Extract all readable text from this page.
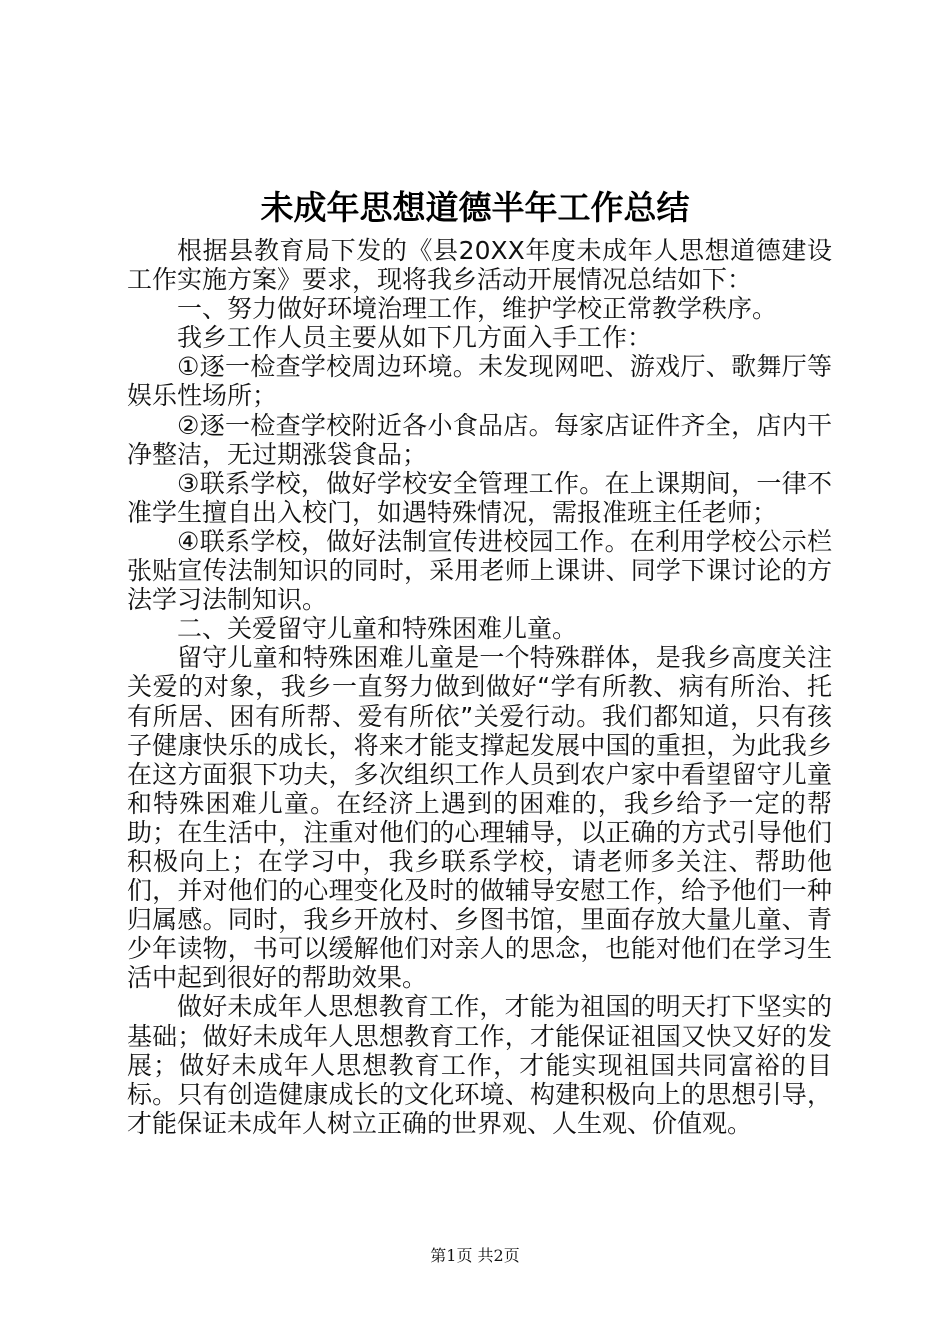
未成年思想道德半年工作总结

根据县教育局下发的《县20XX年度未成年人思想道德建设工作实施方案》要求，现将我乡活动开展情况总结如下：

一、努力做好环境治理工作，维护学校正常教学秩序。

我乡工作人员主要从如下几方面入手工作：

①逐一检查学校周边环境。未发现网吧、游戏厅、歌舞厅等娱乐性场所；

②逐一检查学校附近各小食品店。每家店证件齐全，店内干净整洁，无过期涨袋食品；

③联系学校，做好学校安全管理工作。在上课期间，一律不准学生擅自出入校门，如遇特殊情况，需报准班主任老师；

④联系学校，做好法制宣传进校园工作。在利用学校公示栏张贴宣传法制知识的同时，采用老师上课讲、同学下课讨论的方法学习法制知识。

二、关爱留守儿童和特殊困难儿童。

留守儿童和特殊困难儿童是一个特殊群体，是我乡高度关注关爱的对象，我乡一直努力做到做好“学有所教、病有所治、托有所居、困有所帮、爱有所依”关爱行动。我们都知道，只有孩子健康快乐的成长，将来才能支撑起发展中国的重担，为此我乡在这方面狠下功夫，多次组织工作人员到农户家中看望留守儿童和特殊困难儿童。在经济上遇到的困难的，我乡给予一定的帮助；在生活中，注重对他们的心理辅导，以正确的方式引导他们积极向上；在学习中，我乡联系学校，请老师多关注、帮助他们，并对他们的心理变化及时的做辅导安慰工作，给予他们一种归属感。同时，我乡开放村、乡图书馆，里面存放大量儿童、青少年读物，书可以缓解他们对亲人的思念，也能对他们在学习生活中起到很好的帮助效果。

做好未成年人思想教育工作，才能为祖国的明天打下坚实的基础；做好未成年人思想教育工作，才能保证祖国又快又好的发展；做好未成年人思想教育工作，才能实现祖国共同富裕的目标。只有创造健康成长的文化环境、构建积极向上的思想引导，才能保证未成年人树立正确的世界观、人生观、价值观。

第1页 共2页
